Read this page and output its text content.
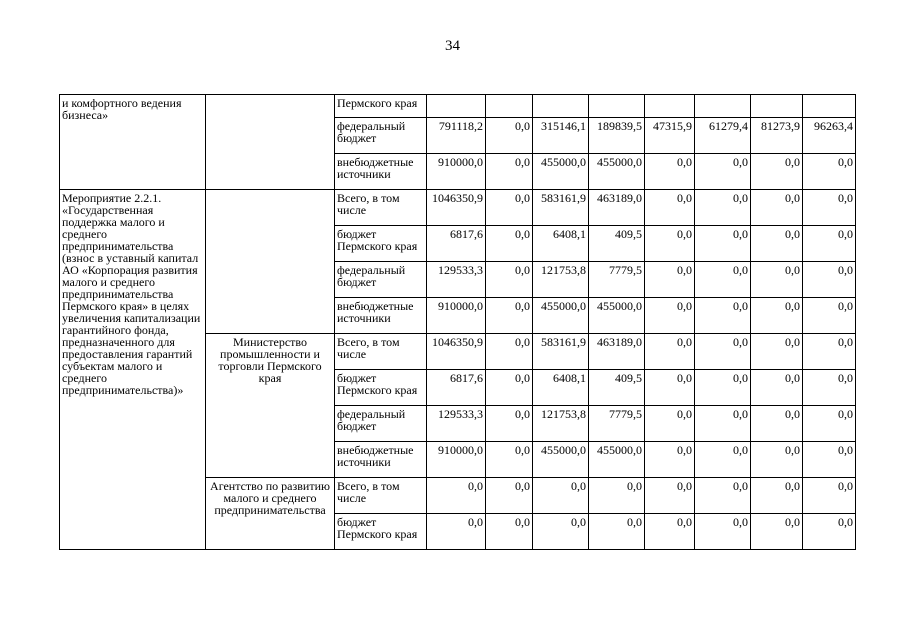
34
и комфортного ведения бизнеса»		Пермского края								
		федеральный бюджет	791118,2	0,0	315146,1	189839,5	47315,9	61279,4	81273,9	96263,4
		внебюджетные источники	910000,0	0,0	455000,0	455000,0	0,0	0,0	0,0	0,0
Мероприятие 2.2.1. «Государственная поддержка малого и среднего предпринимательства (взнос в уставный капитал АО «Корпорация развития малого и среднего предпринимательства Пермского края» в целях увеличения капитализации гарантийного фонда, предназначенного для предоставления гарантий субъектам малого и среднего предпринимательства)»		Всего, в том числе	1046350,9	0,0	583161,9	463189,0	0,0	0,0	0,0	0,0
		бюджет Пермского края	6817,6	0,0	6408,1	409,5	0,0	0,0	0,0	0,0
		федеральный бюджет	129533,3	0,0	121753,8	7779,5	0,0	0,0	0,0	0,0
		внебюджетные источники	910000,0	0,0	455000,0	455000,0	0,0	0,0	0,0	0,0
	Министерство промышленности и торговли Пермского края	Всего, в том числе	1046350,9	0,0	583161,9	463189,0	0,0	0,0	0,0	0,0
		бюджет Пермского края	6817,6	0,0	6408,1	409,5	0,0	0,0	0,0	0,0
		федеральный бюджет	129533,3	0,0	121753,8	7779,5	0,0	0,0	0,0	0,0
		внебюджетные источники	910000,0	0,0	455000,0	455000,0	0,0	0,0	0,0	0,0
	Агентство по развитию малого и среднего предпринимательства	Всего, в том числе	0,0	0,0	0,0	0,0	0,0	0,0	0,0	0,0
		бюджет Пермского края	0,0	0,0	0,0	0,0	0,0	0,0	0,0	0,0
